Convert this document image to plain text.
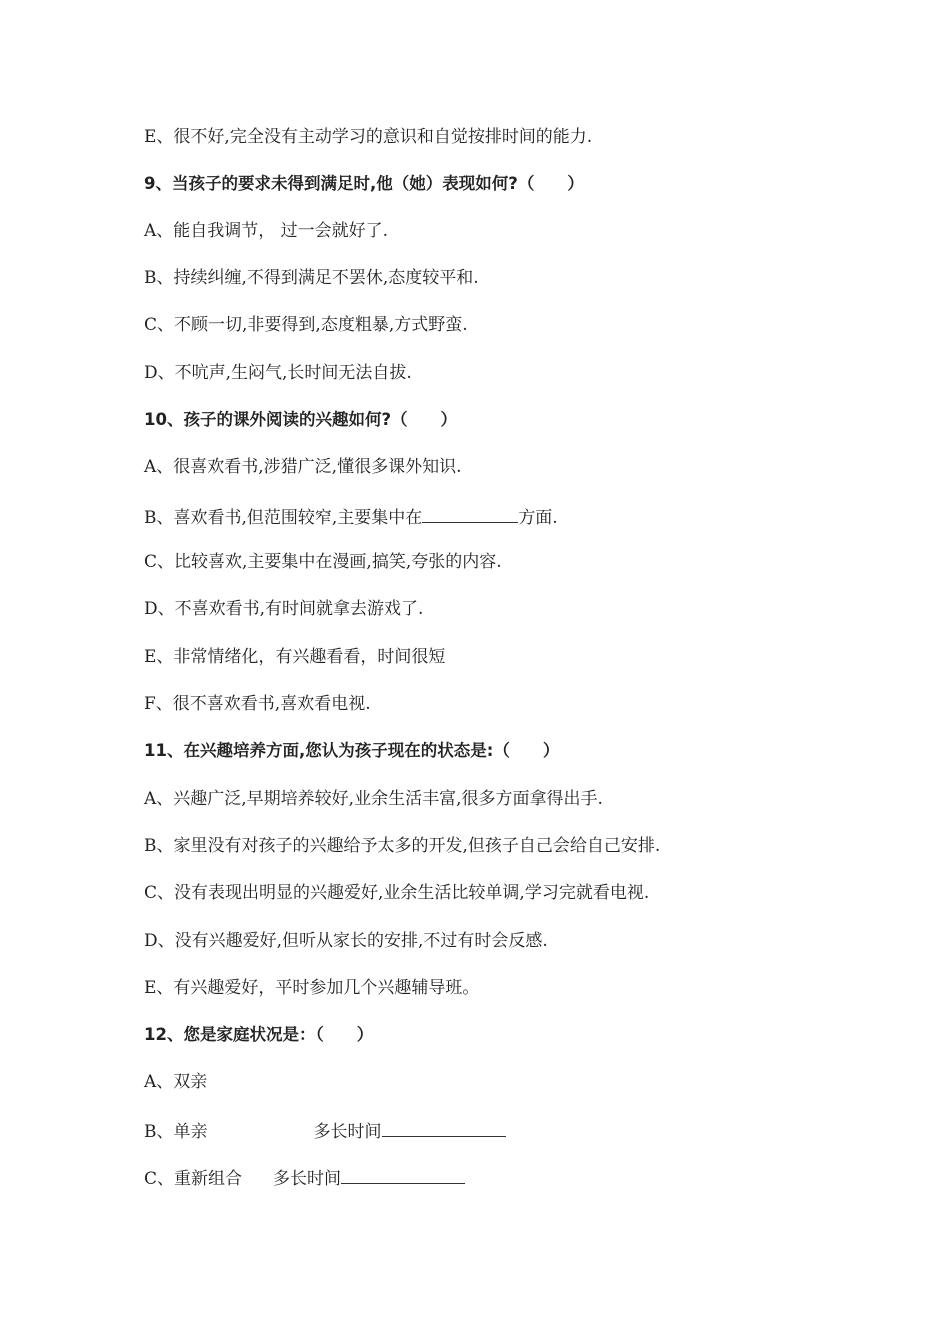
E、很不好,完全没有主动学习的意识和自觉按排时间的能力.
9、当孩子的要求未得到满足时,他（她）表现如何?（　　）
A、能自我调节， 过一会就好了.
B、持续纠缠,不得到满足不罢休,态度较平和.
C、不顾一切,非要得到,态度粗暴,方式野蛮.
D、不吭声,生闷气,长时间无法自拔.
10、孩子的课外阅读的兴趣如何?（　　）
A、很喜欢看书,涉猎广泛,懂很多课外知识.
B、喜欢看书,但范围较窄,主要集中在	方面.
C、比较喜欢,主要集中在漫画,搞笑,夸张的内容.
D、不喜欢看书,有时间就拿去游戏了.
E、非常情绪化，有兴趣看看，时间很短
F、很不喜欢看书,喜欢看电视.
11、在兴趣培养方面,您认为孩子现在的状态是:（　　）
A、兴趣广泛,早期培养较好,业余生活丰富,很多方面拿得出手.
B、家里没有对孩子的兴趣给予太多的开发,但孩子自己会给自己安排.
C、没有表现出明显的兴趣爱好,业余生活比较单调,学习完就看电视.
D、没有兴趣爱好,但听从家长的安排,不过有时会反感.
E、有兴趣爱好，平时参加几个兴趣辅导班。
12、您是家庭状况是：（　　）
A、双亲
B、单亲	多长时间
C、重新组合 多长时间
